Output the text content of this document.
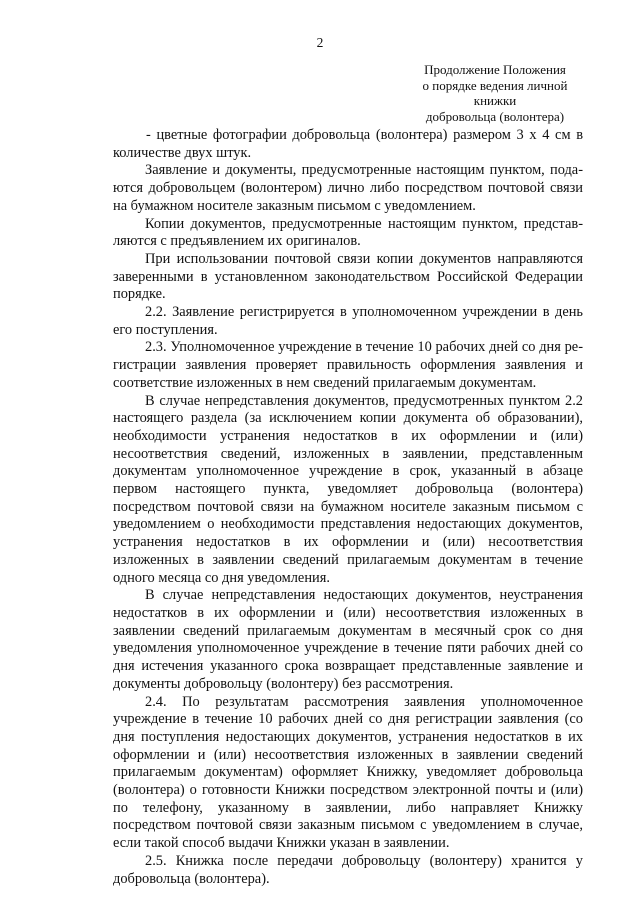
2
Продолжение Положения
о порядке ведения личной книжки
добровольца (волонтера)

- цветные фотографии добровольца (волонтера) размером 3 х 4 см в количестве двух штук.

Заявление и документы, предусмотренные настоящим пунктом, подаются добровольцем (волонтером) лично либо посредством почтовой связи на бумажном носителе заказным письмом с уведомлением.

Копии документов, предусмотренные настоящим пунктом, представляются с предъявлением их оригиналов.

При использовании почтовой связи копии документов направляются заверенными в установленном законодательством Российской Федерации порядке.

2.2. Заявление регистрируется в уполномоченном учреждении в день его поступления.

2.3. Уполномоченное учреждение в течение 10 рабочих дней со дня регистрации заявления проверяет правильность оформления заявления и соответствие изложенных в нем сведений прилагаемым документам.

В случае непредставления документов, предусмотренных пунктом 2.2 настоящего раздела (за исключением копии документа об образовании), необходимости устранения недостатков в их оформлении и (или) несоответствия сведений, изложенных в заявлении, представленным документам уполномоченное учреждение в срок, указанный в абзаце первом настоящего пункта, уведомляет добровольца (волонтера) посредством почтовой связи на бумажном носителе заказным письмом с уведомлением о необходимости представления недостающих документов, устранения недостатков в их оформлении и (или) несоответствия изложенных в заявлении сведений прилагаемым документам в течение одного месяца со дня уведомления.

В случае непредставления недостающих документов, неустранения недостатков в их оформлении и (или) несоответствия изложенных в заявлении сведений прилагаемым документам в месячный срок со дня уведомления уполномоченное учреждение в течение пяти рабочих дней со дня истечения указанного срока возвращает представленные заявление и документы добровольцу (волонтеру) без рассмотрения.

2.4. По результатам рассмотрения заявления уполномоченное учреждение в течение 10 рабочих дней со дня регистрации заявления (со дня поступления недостающих документов, устранения недостатков в их оформлении и (или) несоответствия изложенных в заявлении сведений прилагаемым документам) оформляет Книжку, уведомляет добровольца (волонтера) о готовности Книжки посредством электронной почты и (или) по телефону, указанному в заявлении, либо направляет Книжку посредством почтовой связи заказным письмом с уведомлением в случае, если такой способ выдачи Книжки указан в заявлении.

2.5. Книжка после передачи добровольцу (волонтеру) хранится у добровольца (волонтера).
